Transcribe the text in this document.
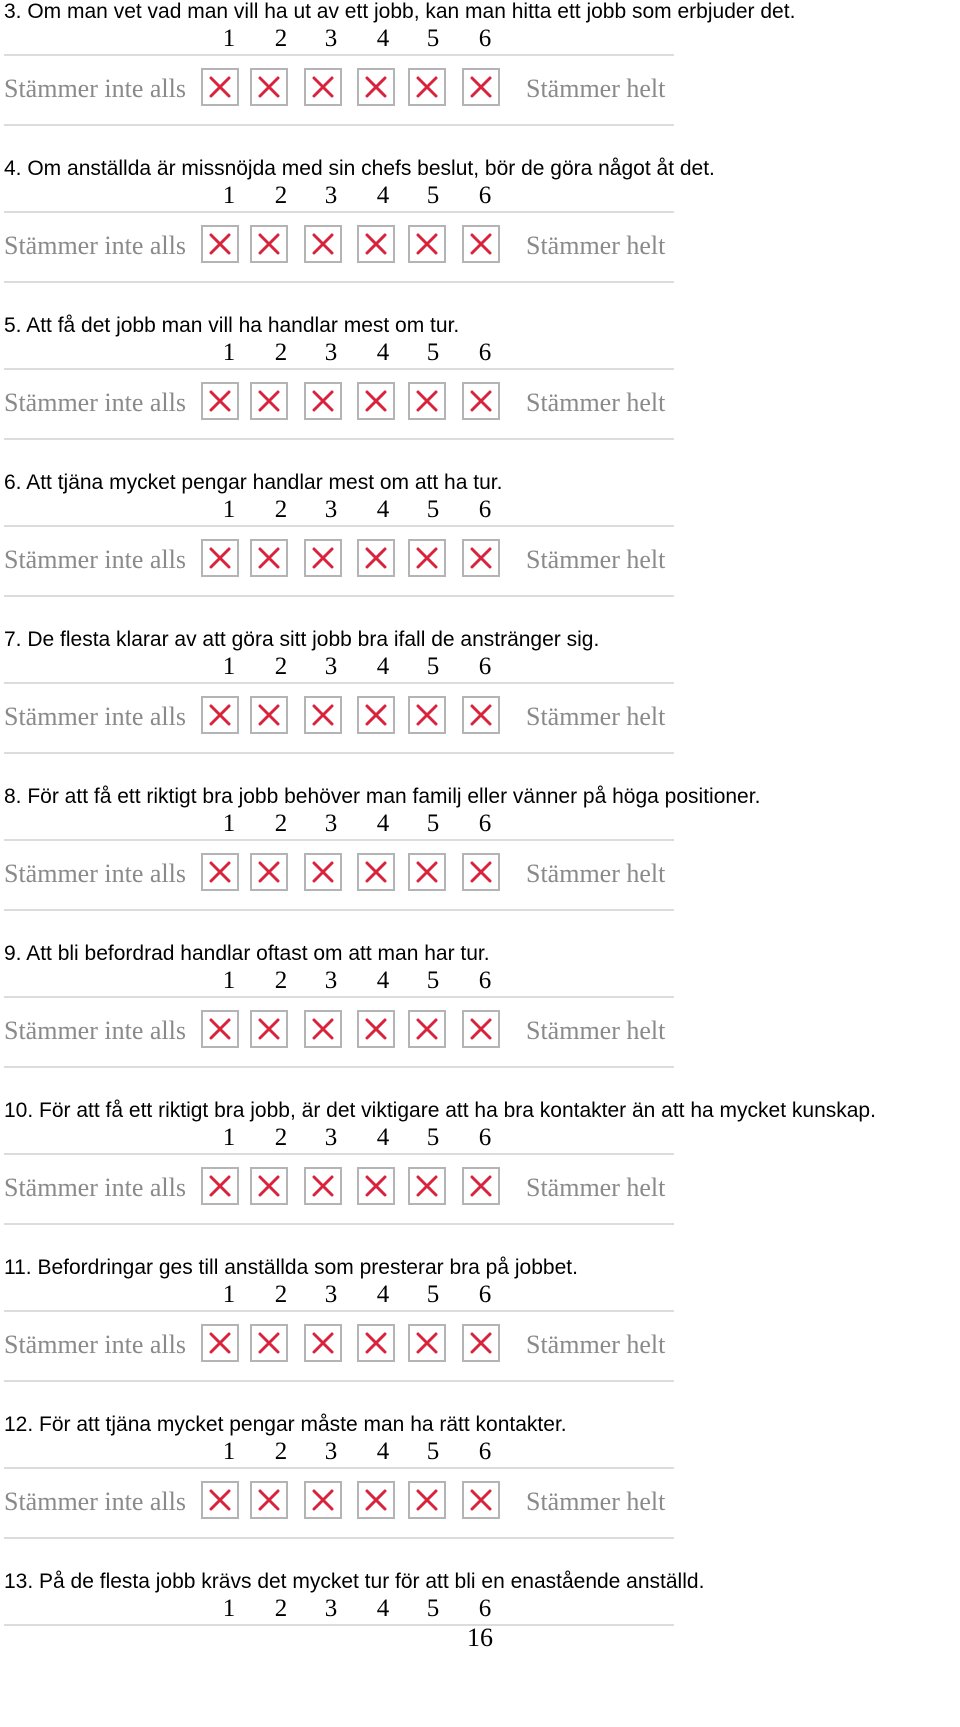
3. Om man vet vad man vill ha ut av ett jobb, kan man hitta ett jobb som erbjuder det.
1	2	3	4	5	6
Stämmer inte alls	Stämmer helt
4. Om anställda är missnöjda med sin chefs beslut, bör de göra något åt det.
1	2	3	4	5	6
Stämmer inte alls	Stämmer helt
5. Att få det jobb man vill ha handlar mest om tur.
1	2	3	4	5	6
Stämmer inte alls	Stämmer helt
6. Att tjäna mycket pengar handlar mest om att ha tur.
1	2	3	4	5	6
Stämmer inte alls	Stämmer helt
7. De flesta klarar av att göra sitt jobb bra ifall de anstränger sig.
1	2	3	4	5	6
Stämmer inte alls	Stämmer helt
8. För att få ett riktigt bra jobb behöver man familj eller vänner på höga positioner.
1	2	3	4	5	6
Stämmer inte alls	Stämmer helt
9. Att bli befordrad handlar oftast om att man har tur.
1	2	3	4	5	6
Stämmer inte alls	Stämmer helt
10. För att få ett riktigt bra jobb, är det viktigare att ha bra kontakter än att ha mycket kunskap.
1	2	3	4	5	6
Stämmer inte alls	Stämmer helt
11. Befordringar ges till anställda som presterar bra på jobbet.
1	2	3	4	5	6
Stämmer inte alls	Stämmer helt
12. För att tjäna mycket pengar måste man ha rätt kontakter.
1	2	3	4	5	6
Stämmer inte alls	Stämmer helt
13. På de flesta jobb krävs det mycket tur för att bli en enastående anställd.
1	2	3	4	5	6
16
